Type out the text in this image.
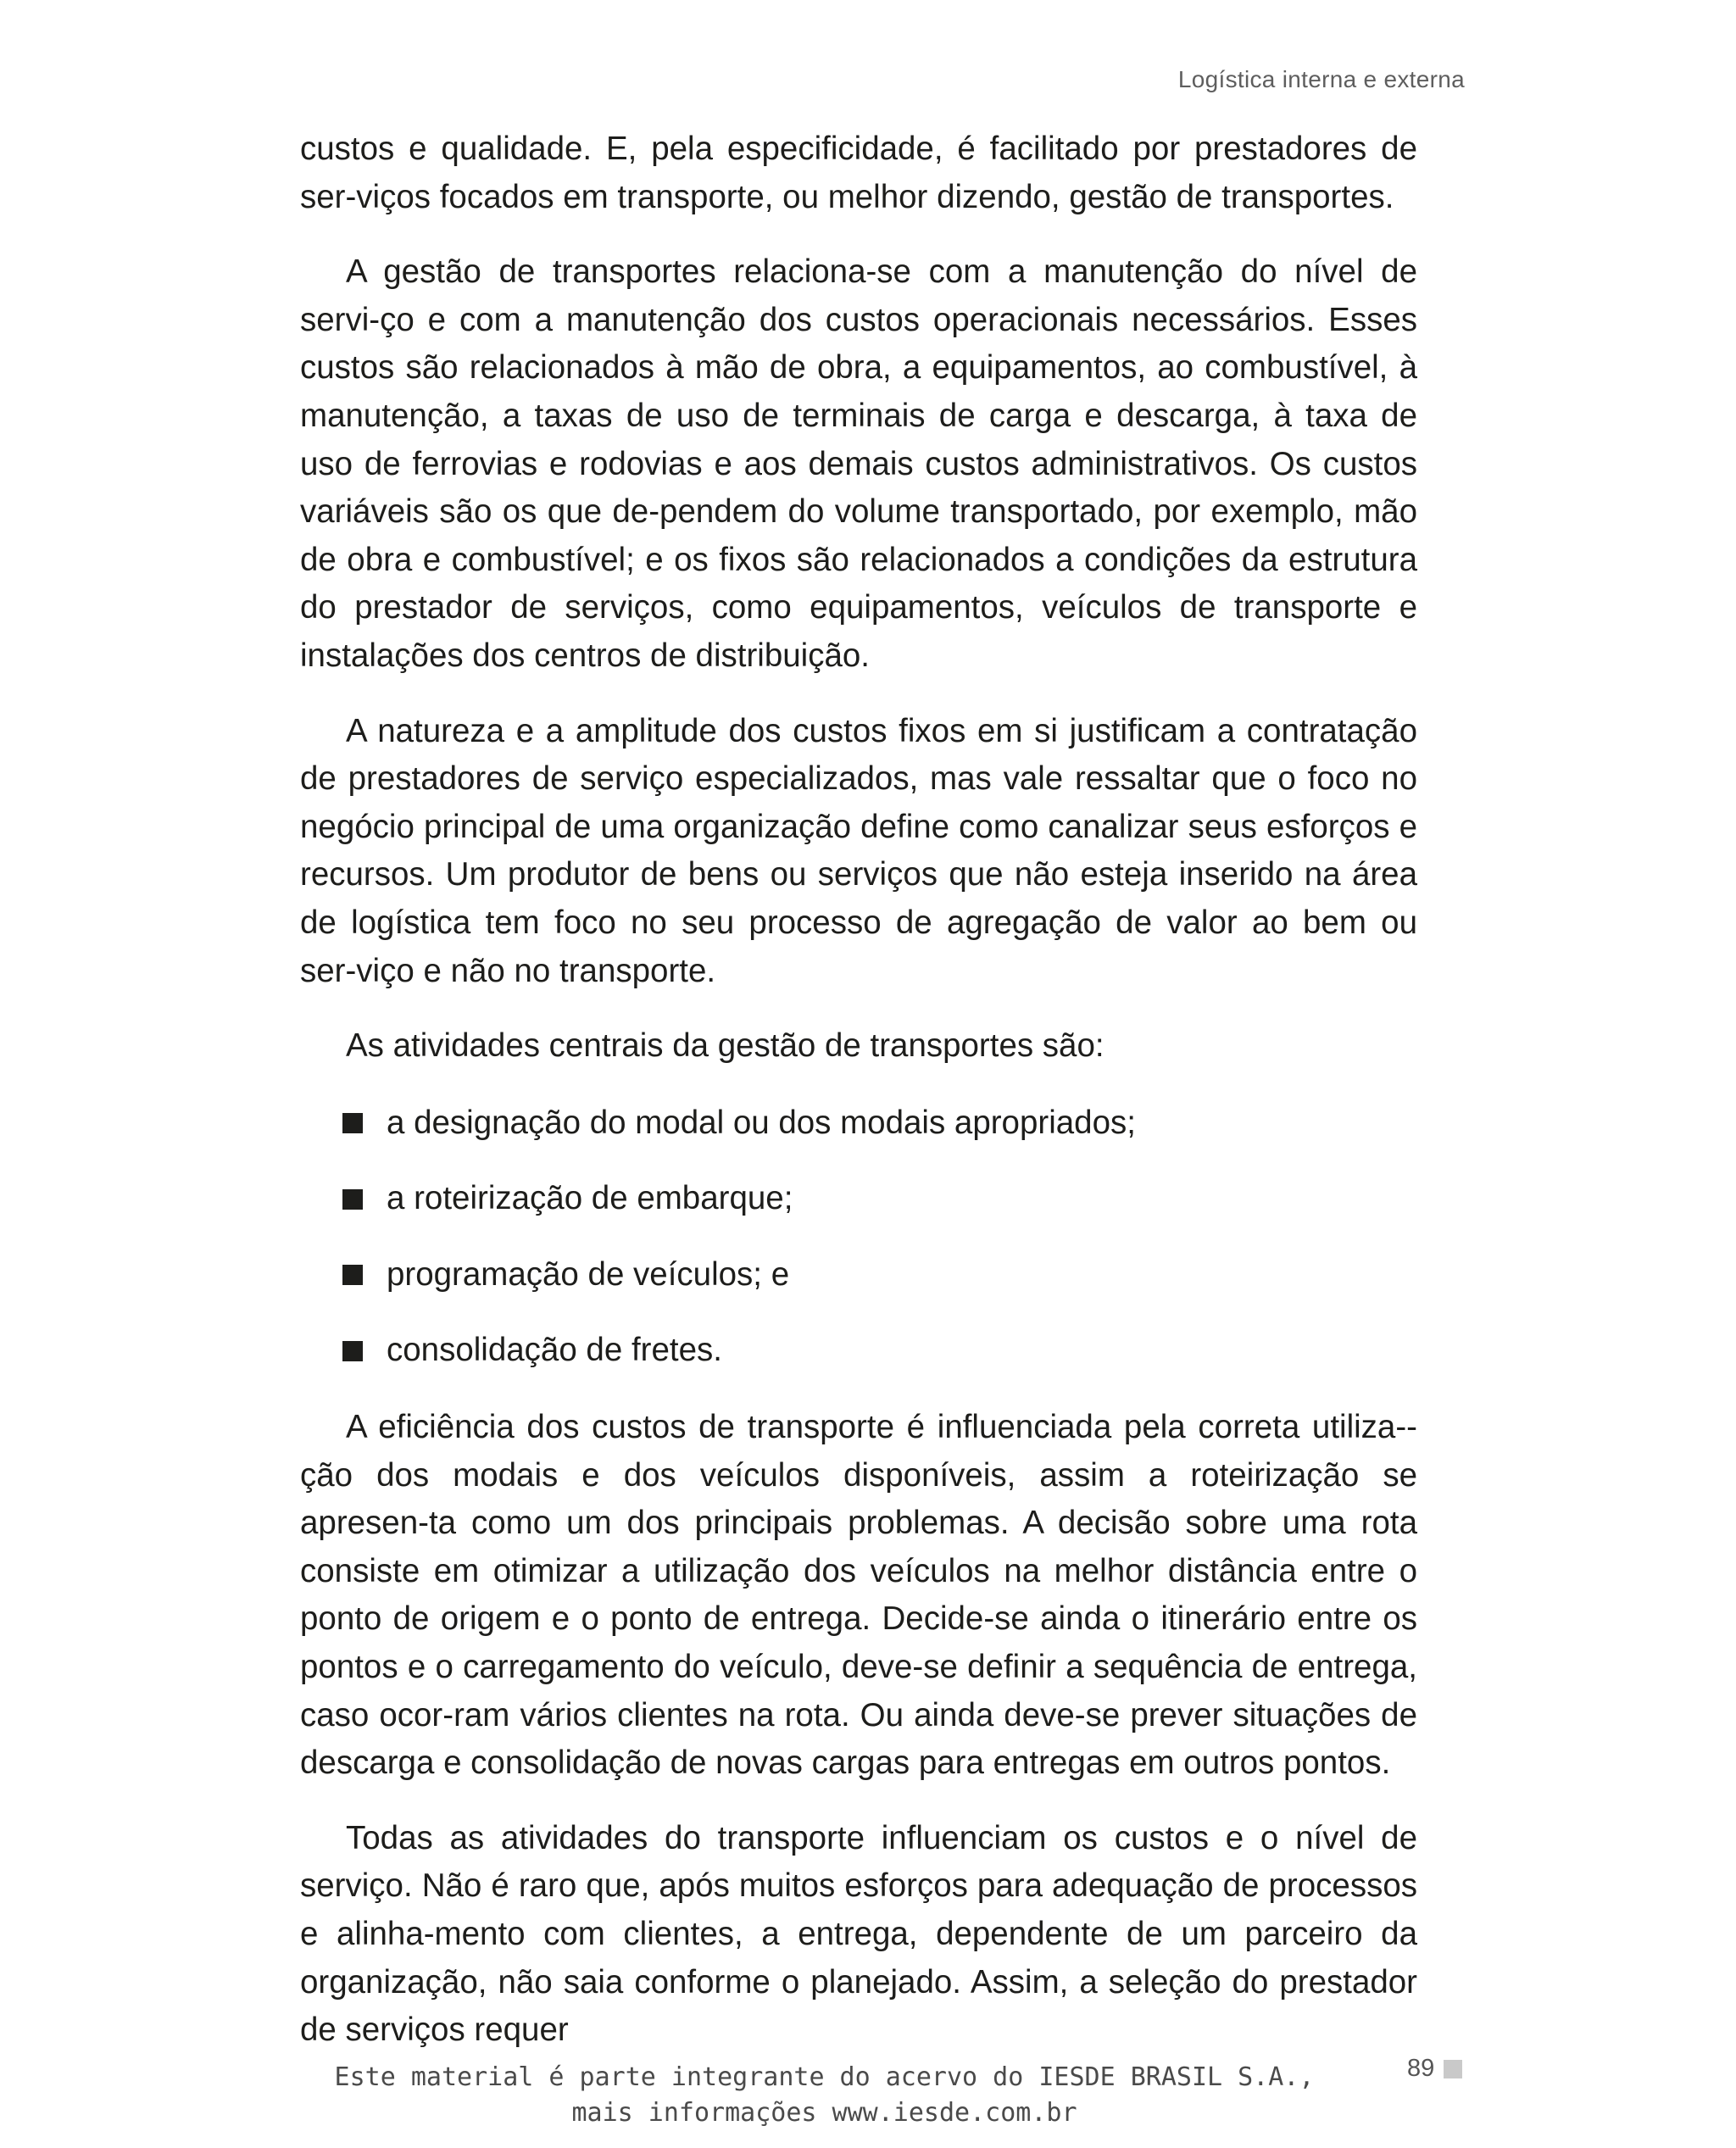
Logística interna e externa

custos e qualidade. E, pela especificidade, é facilitado por prestadores de ser-viços focados em transporte, ou melhor dizendo, gestão de transportes.

A gestão de transportes relaciona-se com a manutenção do nível de servi-ço e com a manutenção dos custos operacionais necessários. Esses custos são relacionados à mão de obra, a equipamentos, ao combustível, à manutenção, a taxas de uso de terminais de carga e descarga, à taxa de uso de ferrovias e rodovias e aos demais custos administrativos. Os custos variáveis são os que de-pendem do volume transportado, por exemplo, mão de obra e combustível; e os fixos são relacionados a condições da estrutura do prestador de serviços, como equipamentos, veículos de transporte e instalações dos centros de distribuição.

A natureza e a amplitude dos custos fixos em si justificam a contratação de prestadores de serviço especializados, mas vale ressaltar que o foco no negócio principal de uma organização define como canalizar seus esforços e recursos. Um produtor de bens ou serviços que não esteja inserido na área de logística tem foco no seu processo de agregação de valor ao bem ou ser-viço e não no transporte.

As atividades centrais da gestão de transportes são:

a designação do modal ou dos modais apropriados;
a roteirização de embarque;
programação de veículos; e
consolidação de fretes.

A eficiência dos custos de transporte é influenciada pela correta utiliza-ção dos modais e dos veículos disponíveis, assim a roteirização se apresen-ta como um dos principais problemas. A decisão sobre uma rota consiste em otimizar a utilização dos veículos na melhor distância entre o ponto de origem e o ponto de entrega. Decide-se ainda o itinerário entre os pontos e o carregamento do veículo, deve-se definir a sequência de entrega, caso ocor-ram vários clientes na rota. Ou ainda deve-se prever situações de descarga e consolidação de novas cargas para entregas em outros pontos.

Todas as atividades do transporte influenciam os custos e o nível de serviço. Não é raro que, após muitos esforços para adequação de processos e alinha-mento com clientes, a entrega, dependente de um parceiro da organização, não saia conforme o planejado. Assim, a seleção do prestador de serviços requer

89
Este material é parte integrante do acervo do IESDE BRASIL S.A.,
mais informações www.iesde.com.br
